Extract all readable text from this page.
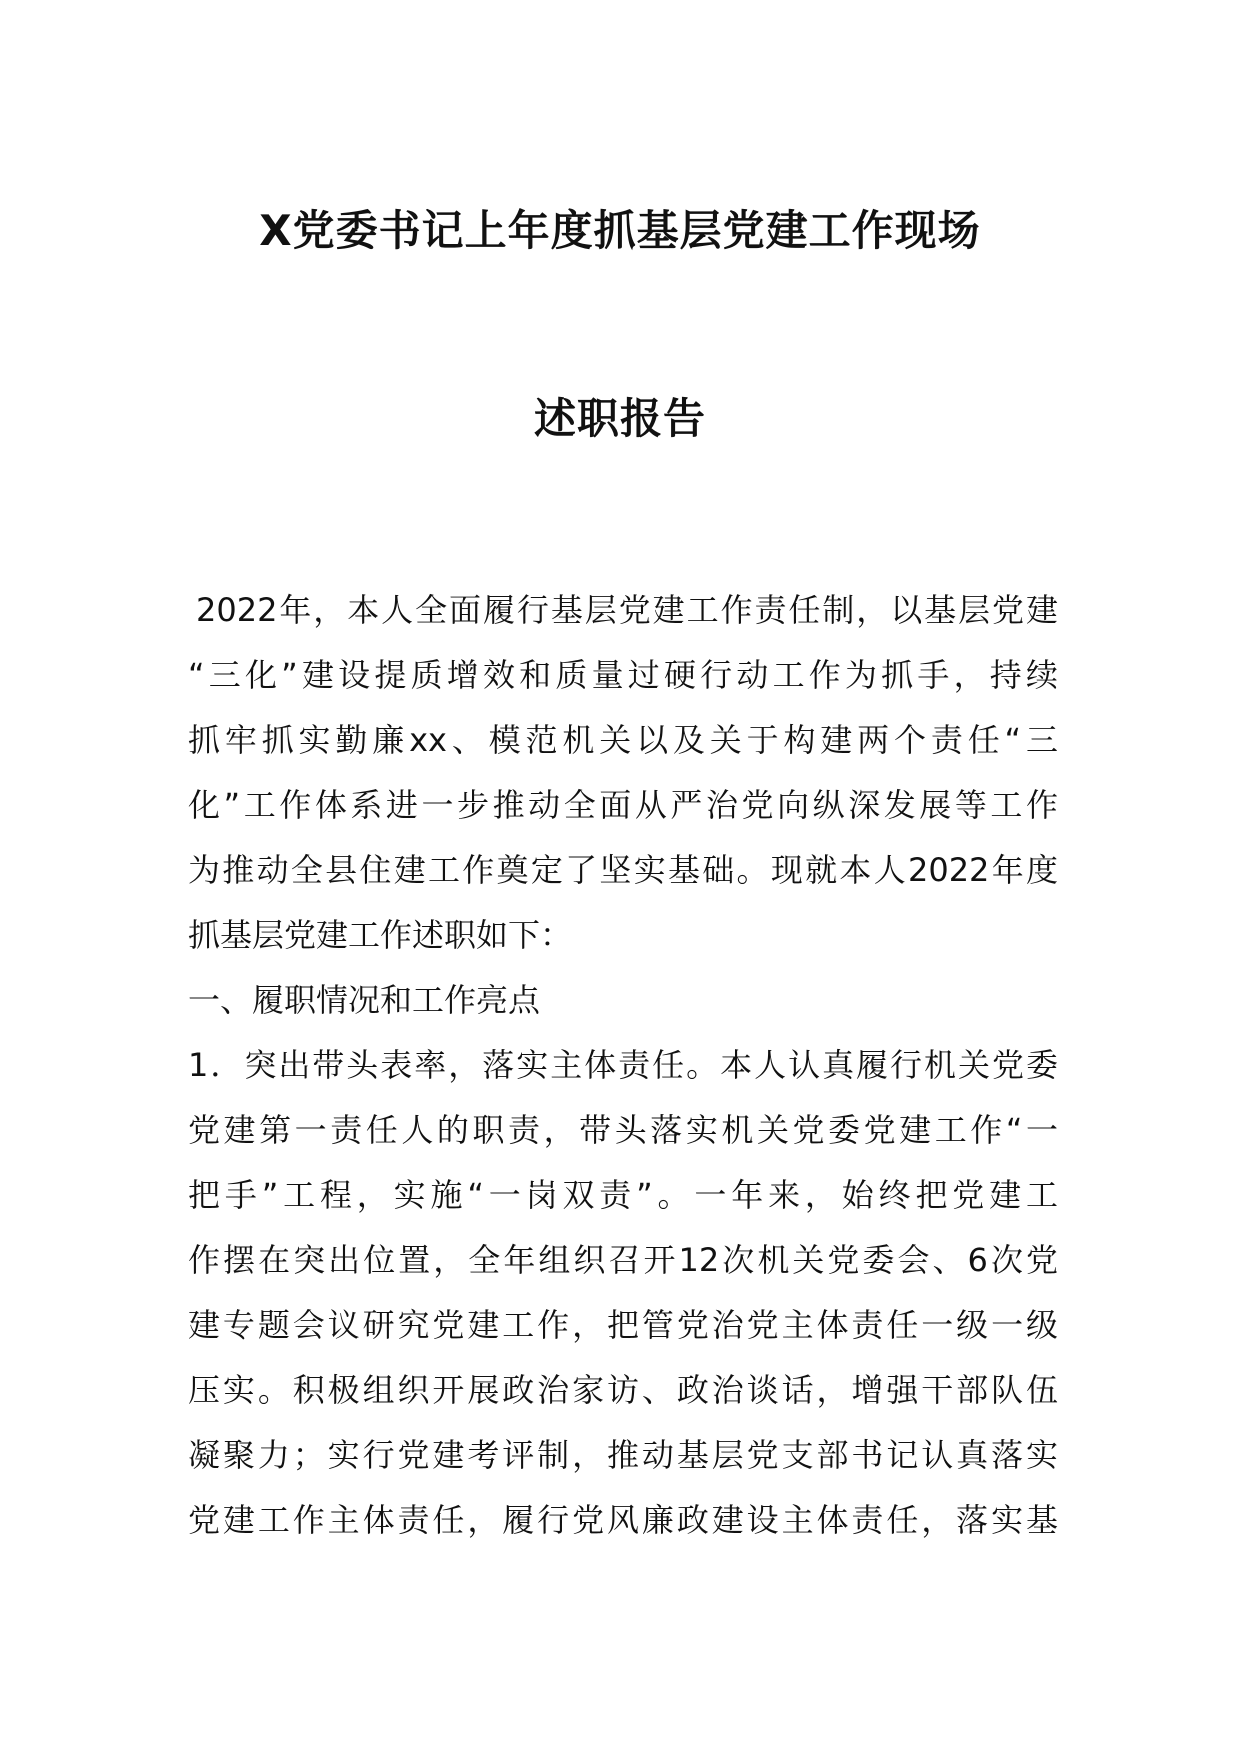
X党委书记上年度抓基层党建工作现场
述职报告
2022年，本人全面履行基层党建工作责任制，以基层党建
“三化”建设提质增效和质量过硬行动工作为抓手，持续
抓牢抓实勤廉xx、模范机关以及关于构建两个责任“三
化”工作体系进一步推动全面从严治党向纵深发展等工作
为推动全县住建工作奠定了坚实基础。现就本人2022年度
抓基层党建工作述职如下：
一、履职情况和工作亮点
1．突出带头表率，落实主体责任。本人认真履行机关党委
党建第一责任人的职责，带头落实机关党委党建工作“一
把手”工程，实施“一岗双责”。一年来，始终把党建工
作摆在突出位置，全年组织召开12次机关党委会、6次党
建专题会议研究党建工作，把管党治党主体责任一级一级
压实。积极组织开展政治家访、政治谈话，增强干部队伍
凝聚力；实行党建考评制，推动基层党支部书记认真落实
党建工作主体责任，履行党风廉政建设主体责任，落实基
